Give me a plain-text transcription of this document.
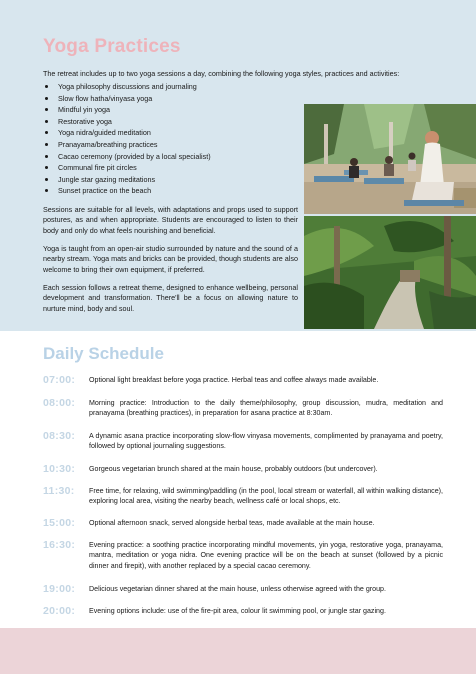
Yoga Practices
The retreat includes up to two yoga sessions a day, combining the following yoga styles, practices and activities:
Yoga philosophy discussions and journaling
Slow flow hatha/vinyasa yoga
Mindful yin yoga
Restorative yoga
Yoga nidra/guided meditation
Pranayama/breathing practices
Cacao ceremony (provided by a local specialist)
Communal fire pit circles
Jungle star gazing meditations
Sunset practice on the beach
Sessions are suitable for all levels, with adaptations and props used to support postures, as and when appropriate. Students are encouraged to listen to their body and only do what feels nourishing and beneficial.
Yoga is taught from an open-air studio surrounded by nature and the sound of a nearby stream. Yoga mats and bricks can be provided, though students are also welcome to bring their own equipment, if preferred.
Each session follows a retreat theme, designed to enhance wellbeing, personal development and transformation. There'll be a focus on allowing nature to nurture mind, body and soul.
Daily Schedule
07:00:	Optional light breakfast before yoga practice. Herbal teas and coffee always made available.
08:00:	Morning practice: Introduction to the daily theme/philosophy, group discussion, mudra, meditation and pranayama (breathing practices), in preparation for asana practice at 8:30am.
08:30:	A dynamic asana practice incorporating slow-flow vinyasa movements, complimented by pranayama and poetry, followed by optional journaling suggestions.
10:30:	Gorgeous vegetarian brunch shared at the main house, probably outdoors (but undercover).
11:30:	Free time, for relaxing, wild swimming/paddling (in the pool, local stream or waterfall, all within walking distance), exploring local area, visiting the nearby beach, wellness café or local shops, etc.
15:00:	Optional afternoon snack, served alongside herbal teas, made available at the main house.
16:30:	Evening practice: a soothing practice incorporating mindful movements, yin yoga, restorative yoga, pranayama, mantra, meditation or yoga nidra. One evening practice will be on the beach at sunset (followed by a picnic dinner and firepit), with another replaced by a special cacao ceremony.
19:00:	Delicious vegetarian dinner shared at the main house, unless otherwise agreed with the group.
20:00:	Evening options include: use of the fire-pit area, colour lit swimming pool, or jungle star gazing.
